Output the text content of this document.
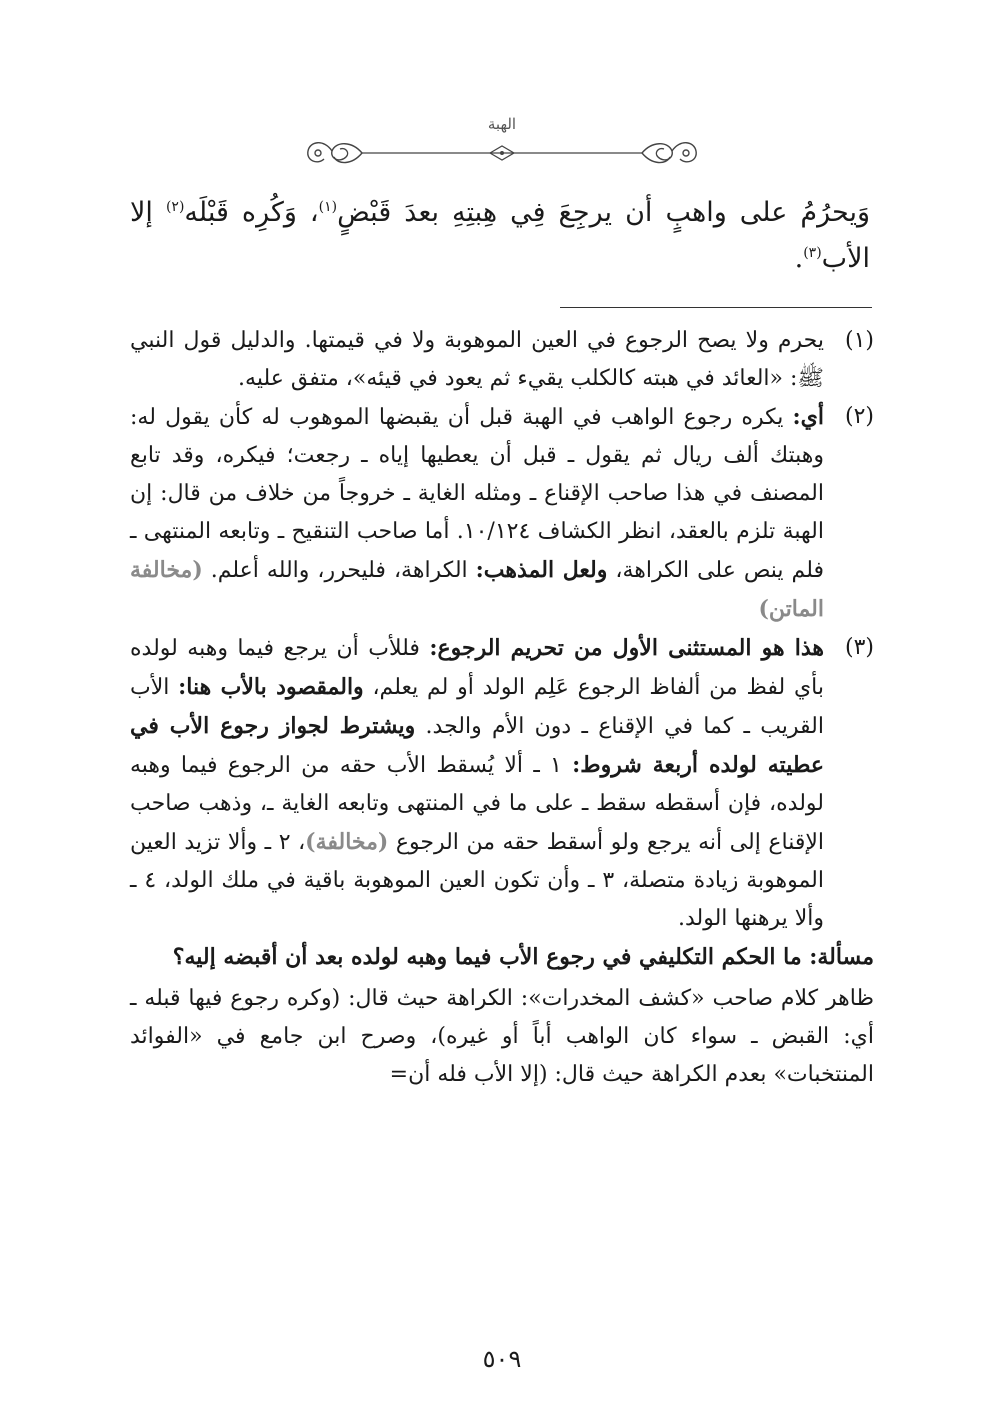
الهبة
وَيحرُمُ على واهبٍ أن يرجِعَ فِي هِبتِهِ بعدَ قَبْضٍ$^{(١)}$، وَكُرِه قَبْلَه$^{(٢)}$ إلا الأب$^{(٣)}$.
(١)
يحرم ولا يصح الرجوع في العين الموهوبة ولا في قيمتها. والدليل قول النبي ﷺ: «العائد في هبته كالكلب يقيء ثم يعود في قيئه»، متفق عليه.
(٢)
أي: يكره رجوع الواهب في الهبة قبل أن يقبضها الموهوب له كأن يقول له: وهبتك ألف ريال ثم يقول ـ قبل أن يعطيها إياه ـ رجعت؛ فيكره، وقد تابع المصنف في هذا صاحب الإقناع ـ ومثله الغاية ـ خروجاً من خلاف من قال: إن الهبة تلزم بالعقد، انظر الكشاف ١٠/١٢٤. أما صاحب التنقيح ـ وتابعه المنتهى ـ فلم ينص على الكراهة، ولعل المذهب: الكراهة، فليحرر، والله أعلم. (مخالفة الماتن)
(٣)
هذا هو المستثنى الأول من تحريم الرجوع: فللأب أن يرجع فيما وهبه لولده بأي لفظ من ألفاظ الرجوع عَلِم الولد أو لم يعلم، والمقصود بالأب هنا: الأب القريب ـ كما في الإقناع ـ دون الأم والجد. ويشترط لجواز رجوع الأب في عطيته لولده أربعة شروط: ١ ـ ألا يُسقط الأب حقه من الرجوع فيما وهبه لولده، فإن أسقطه سقط ـ على ما في المنتهى وتابعه الغاية ـ، وذهب صاحب الإقناع إلى أنه يرجع ولو أسقط حقه من الرجوع (مخالفة)، ٢ ـ وألا تزيد العين الموهوبة زيادة متصلة، ٣ ـ وأن تكون العين الموهوبة باقية في ملك الولد، ٤ ـ وألا يرهنها الولد.
مسألة: ما الحكم التكليفي في رجوع الأب فيما وهبه لولده بعد أن أقبضه إليه؟
ظاهر كلام صاحب «كشف المخدرات»: الكراهة حيث قال: (وكره رجوع فيها قبله ـ أي: القبض ـ سواء كان الواهب أباً أو غيره)، وصرح ابن جامع في «الفوائد المنتخبات» بعدم الكراهة حيث قال: (إلا الأب فله أن=
٥٠٩
